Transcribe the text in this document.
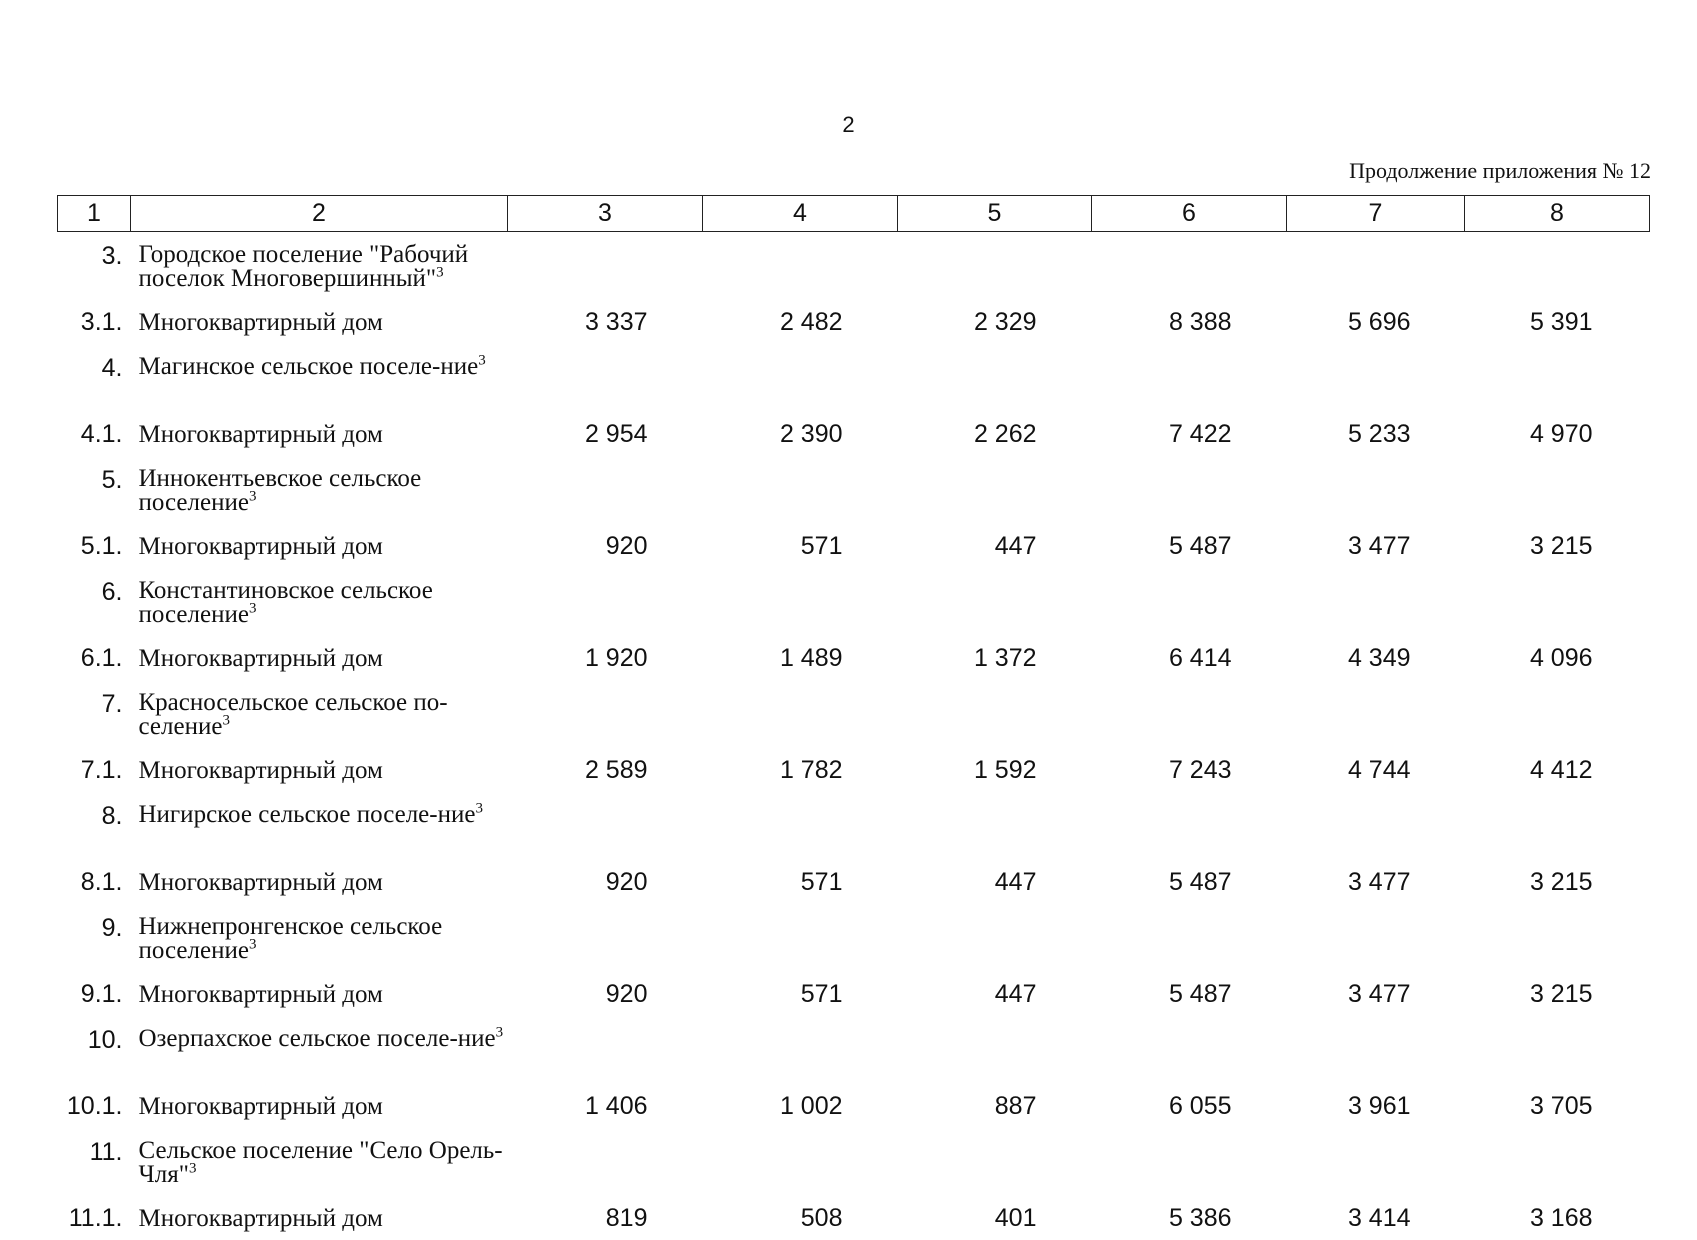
2
Продолжение приложения № 12
1	2	3	4	5	6	7	8
3.	Городское поселение "Рабочий поселок Многовершинный"$^3$						
3.1.	Многоквартирный дом	3 337	2 482	2 329	8 388	5 696	5 391
4.	Магинское сельское поселе-ние$^3$						
4.1.	Многоквартирный дом	2 954	2 390	2 262	7 422	5 233	4 970
5.	Иннокентьевское сельское поселение$^3$						
5.1.	Многоквартирный дом	920	571	447	5 487	3 477	3 215
6.	Константиновское сельское поселение$^3$						
6.1.	Многоквартирный дом	1 920	1 489	1 372	6 414	4 349	4 096
7.	Красносельское сельское по-селение$^3$						
7.1.	Многоквартирный дом	2 589	1 782	1 592	7 243	4 744	4 412
8.	Нигирское сельское поселе-ние$^3$						
8.1.	Многоквартирный дом	920	571	447	5 487	3 477	3 215
9.	Нижнепронгенское сельское поселение$^3$						
9.1.	Многоквартирный дом	920	571	447	5 487	3 477	3 215
10.	Озерпахское сельское поселе-ние$^3$						
10.1.	Многоквартирный дом	1 406	1 002	887	6 055	3 961	3 705
11.	Сельское поселение "Село Орель-Чля"$^3$						
11.1.	Многоквартирный дом	819	508	401	5 386	3 414	3 168
